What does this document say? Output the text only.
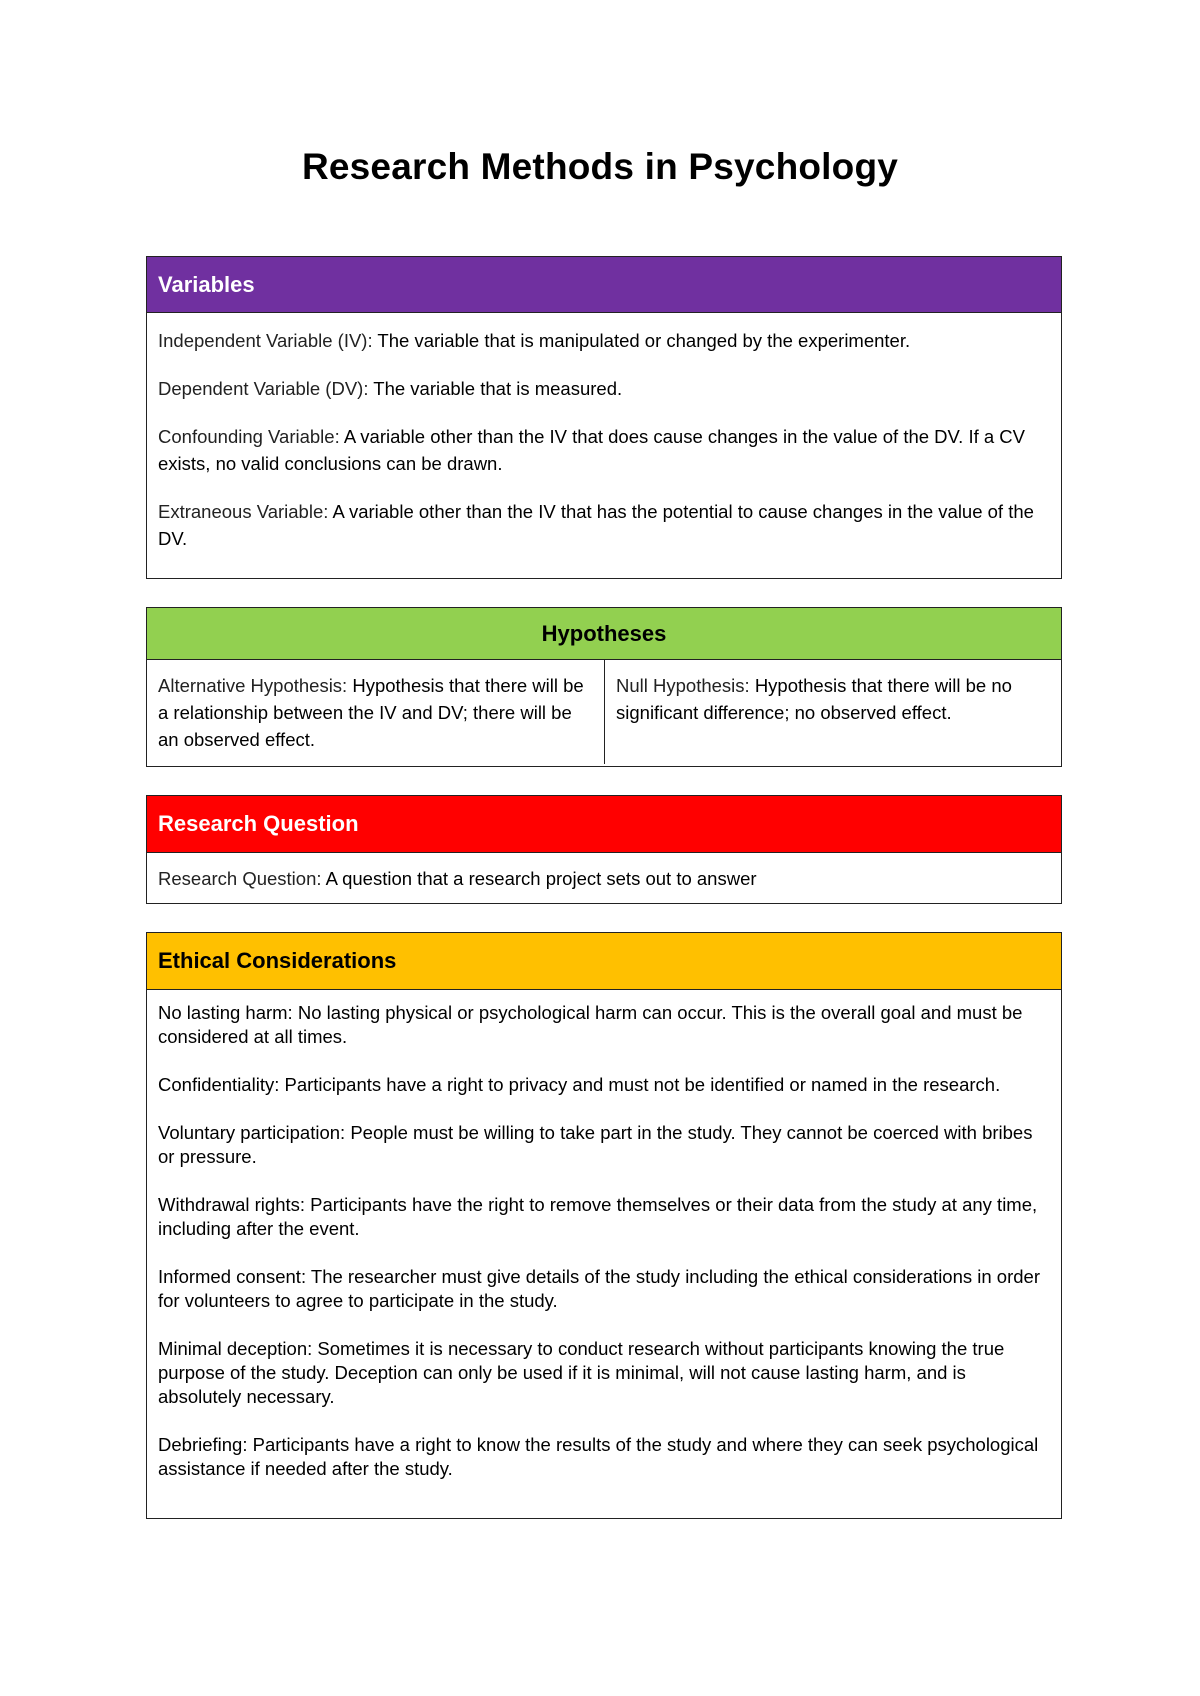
Research Methods in Psychology
Variables

Independent Variable (IV): The variable that is manipulated or changed by the experimenter.

Dependent Variable (DV): The variable that is measured.

Confounding Variable: A variable other than the IV that does cause changes in the value of the DV. If a CV exists, no valid conclusions can be drawn.

Extraneous Variable: A variable other than the IV that has the potential to cause changes in the value of the DV.

Hypotheses
Alternative Hypothesis: Hypothesis that there will be a relationship between the IV and DV; there will be an observed effect.
Null Hypothesis: Hypothesis that there will be no significant difference; no observed effect.
Research Question
Research Question: A question that a research project sets out to answer
Ethical Considerations

No lasting harm: No lasting physical or psychological harm can occur. This is the overall goal and must be considered at all times.

Confidentiality: Participants have a right to privacy and must not be identified or named in the research.

Voluntary participation: People must be willing to take part in the study. They cannot be coerced with bribes or pressure.

Withdrawal rights: Participants have the right to remove themselves or their data from the study at any time, including after the event.

Informed consent: The researcher must give details of the study including the ethical considerations in order for volunteers to agree to participate in the study.

Minimal deception: Sometimes it is necessary to conduct research without participants knowing the true purpose of the study. Deception can only be used if it is minimal, will not cause lasting harm, and is absolutely necessary.

Debriefing: Participants have a right to know the results of the study and where they can seek psychological assistance if needed after the study.
